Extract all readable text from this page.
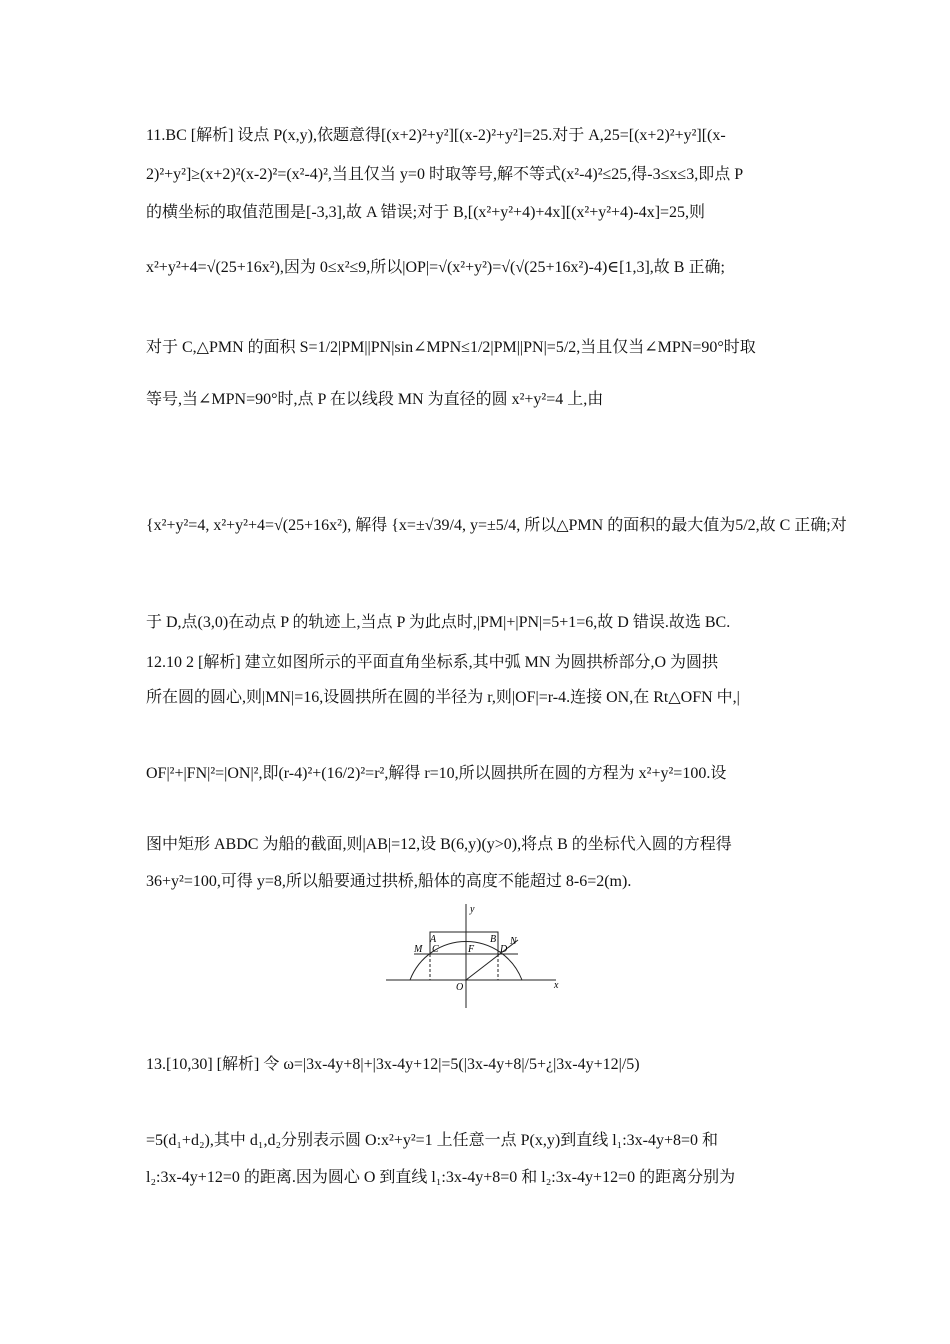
11.BC [解析] 设点 P(x,y),依题意得[(x+2)²+y²][(x-2)²+y²]=25.对于 A,25=[(x+2)²+y²][(x-
2)²+y²]≥(x+2)²(x-2)²=(x²-4)²,当且仅当 y=0 时取等号,解不等式(x²-4)²≤25,得-3≤x≤3,即点 P
的横坐标的取值范围是[-3,3],故 A 错误;对于 B,[(x²+y²+4)+4x][(x²+y²+4)-4x]=25,则
x²+y²+4=√(25+16x²),因为 0≤x²≤9,所以|OP|=√(x²+y²)=√(√(25+16x²)-4)∈[1,3],故 B 正确;
对于 C,△PMN 的面积 S=1/2|PM||PN|sin∠MPN≤1/2|PM||PN|=5/2,当且仅当∠MPN=90°时取
等号,当∠MPN=90°时,点 P 在以线段 MN 为直径的圆 x²+y²=4 上,由
{x²+y²=4, x²+y²+4=√(25+16x²), 解得 {x=±√39/4, y=±5/4, 所以△PMN 的面积的最大值为5/2,故 C 正确;对
于 D,点(3,0)在动点 P 的轨迹上,当点 P 为此点时,|PM|+|PN|=5+1=6,故 D 错误.故选 BC.
12.10 2 [解析] 建立如图所示的平面直角坐标系,其中弧 MN 为圆拱桥部分,O 为圆拱
所在圆的圆心,则|MN|=16,设圆拱所在圆的半径为 r,则|OF|=r-4.连接 ON,在 Rt△OFN 中,|
OF|²+|FN|²=|ON|²,即(r-4)²+(16/2)²=r²,解得 r=10,所以圆拱所在圆的方程为 x²+y²=100.设
图中矩形 ABDC 为船的截面,则|AB|=12,设 B(6,y)(y>0),将点 B 的坐标代入圆的方程得
36+y²=100,可得 y=8,所以船要通过拱桥,船体的高度不能超过 8-6=2(m).
y
x
O
A	B
M C	F	D
N
13.[10,30] [解析] 令 ω=|3x-4y+8|+|3x-4y+12|=5(|3x-4y+8|/5+¿|3x-4y+12|/5)
=5(d₁+d₂),其中 d₁,d₂分别表示圆 O:x²+y²=1 上任意一点 P(x,y)到直线 l₁:3x-4y+8=0 和
l₂:3x-4y+12=0 的距离.因为圆心 O 到直线 l₁:3x-4y+8=0 和 l₂:3x-4y+12=0 的距离分别为
